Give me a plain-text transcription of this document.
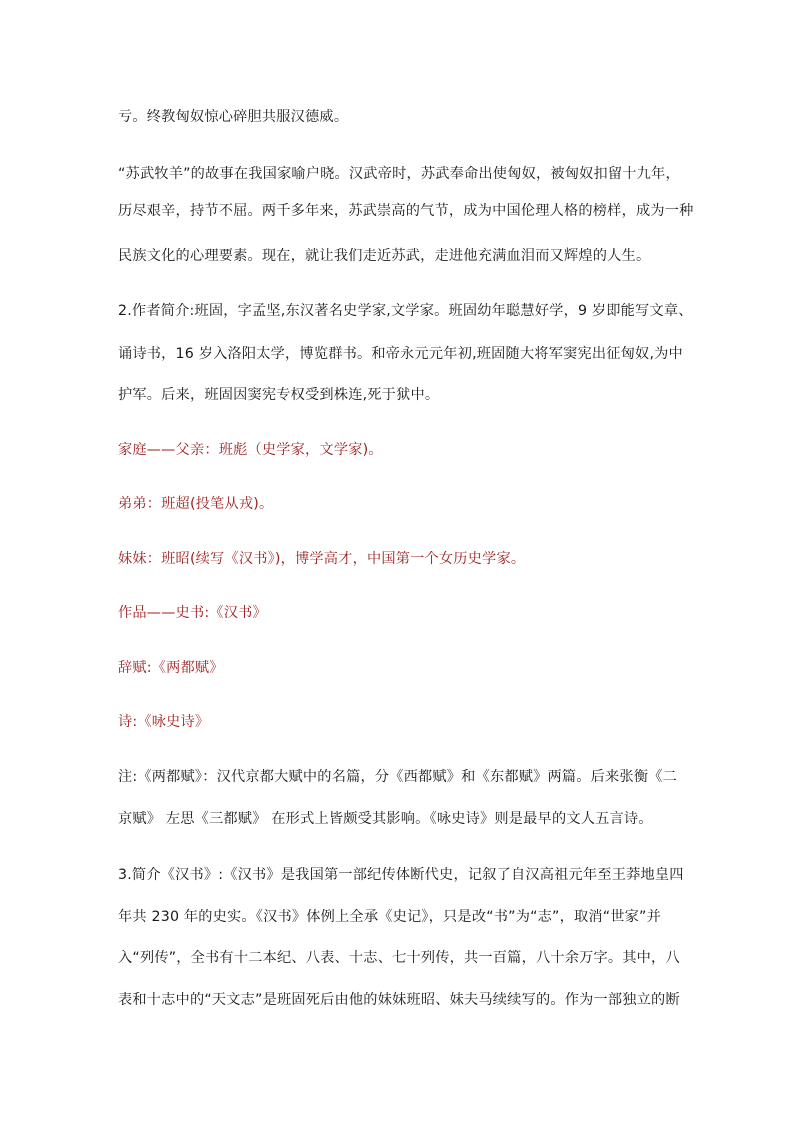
亏。终教匈奴惊心碎胆共服汉德威。
“苏武牧羊”的故事在我国家喻户晓。汉武帝时，苏武奉命出使匈奴，被匈奴扣留十九年，
历尽艰辛，持节不屈。两千多年来，苏武崇高的气节，成为中国伦理人格的榜样，成为一种
民族文化的心理要素。现在，就让我们走近苏武，走进他充满血泪而又辉煌的人生。
2.作者简介:班固，字孟坚,东汉著名史学家,文学家。班固幼年聪慧好学，9 岁即能写文章、
诵诗书，16 岁入洛阳太学，博览群书。和帝永元元年初,班固随大将军窦宪出征匈奴,为中
护军。后来，班固因窦宪专权受到株连,死于狱中。
家庭——父亲：班彪（史学家，文学家)。
弟弟：班超(投笔从戎)。
妹妹：班昭(续写《汉书》)，博学高才，中国第一个女历史学家。
作品——史书:《汉书》
辞赋:《两都赋》
诗:《咏史诗》
注:《两都赋》：汉代京都大赋中的名篇，分《西都赋》和《东都赋》两篇。后来张衡《二
京赋》 左思《三都赋》 在形式上皆颇受其影响。《咏史诗》则是最早的文人五言诗。
3.简介《汉书》:《汉书》是我国第一部纪传体断代史，记叙了自汉高祖元年至王莽地皇四
年共 230 年的史实。《汉书》体例上全承《史记》，只是改“书”为“志”，取消“世家”并
入“列传”，全书有十二本纪、八表、十志、七十列传，共一百篇，八十余万字。其中，八
表和十志中的“天文志”是班固死后由他的妹妹班昭、妹夫马续续写的。作为一部独立的断
